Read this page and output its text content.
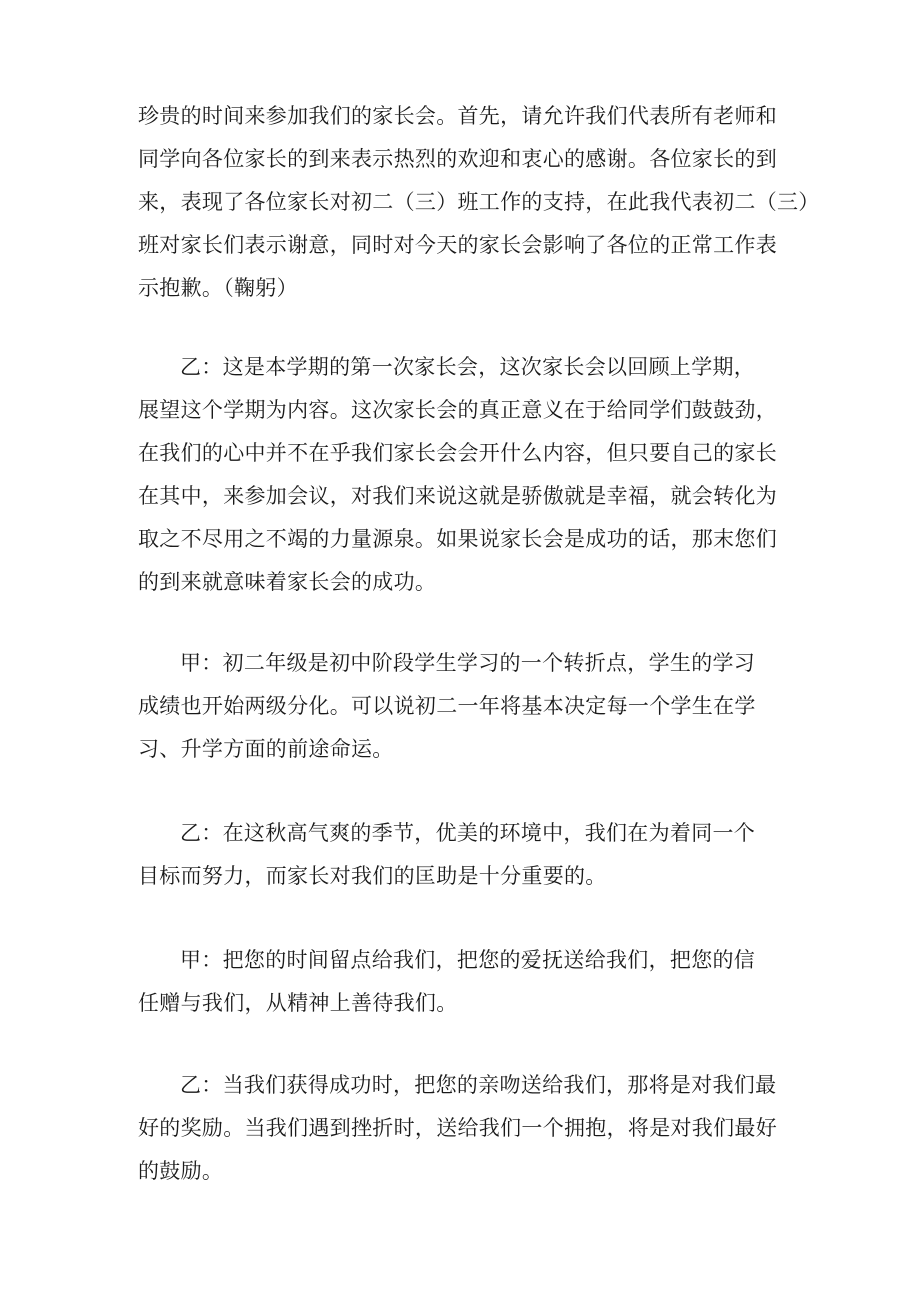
珍贵的时间来参加我们的家长会。首先，请允许我们代表所有老师和
同学向各位家长的到来表示热烈的欢迎和衷心的感谢。各位家长的到
来，表现了各位家长对初二（三）班工作的支持，在此我代表初二（三）
班对家长们表示谢意，同时对今天的家长会影响了各位的正常工作表
示抱歉。（鞠躬）
乙：这是本学期的第一次家长会，这次家长会以回顾上学期，
展望这个学期为内容。这次家长会的真正意义在于给同学们鼓鼓劲，
在我们的心中并不在乎我们家长会会开什么内容，但只要自己的家长
在其中，来参加会议，对我们来说这就是骄傲就是幸福，就会转化为
取之不尽用之不竭的力量源泉。如果说家长会是成功的话，那末您们
的到来就意味着家长会的成功。
甲：初二年级是初中阶段学生学习的一个转折点，学生的学习
成绩也开始两级分化。可以说初二一年将基本决定每一个学生在学
习、升学方面的前途命运。
乙：在这秋高气爽的季节，优美的环境中，我们在为着同一个
目标而努力，而家长对我们的匡助是十分重要的。
甲：把您的时间留点给我们，把您的爱抚送给我们，把您的信
任赠与我们，从精神上善待我们。
乙：当我们获得成功时，把您的亲吻送给我们，那将是对我们最
好的奖励。当我们遇到挫折时，送给我们一个拥抱，将是对我们最好
的鼓励。
